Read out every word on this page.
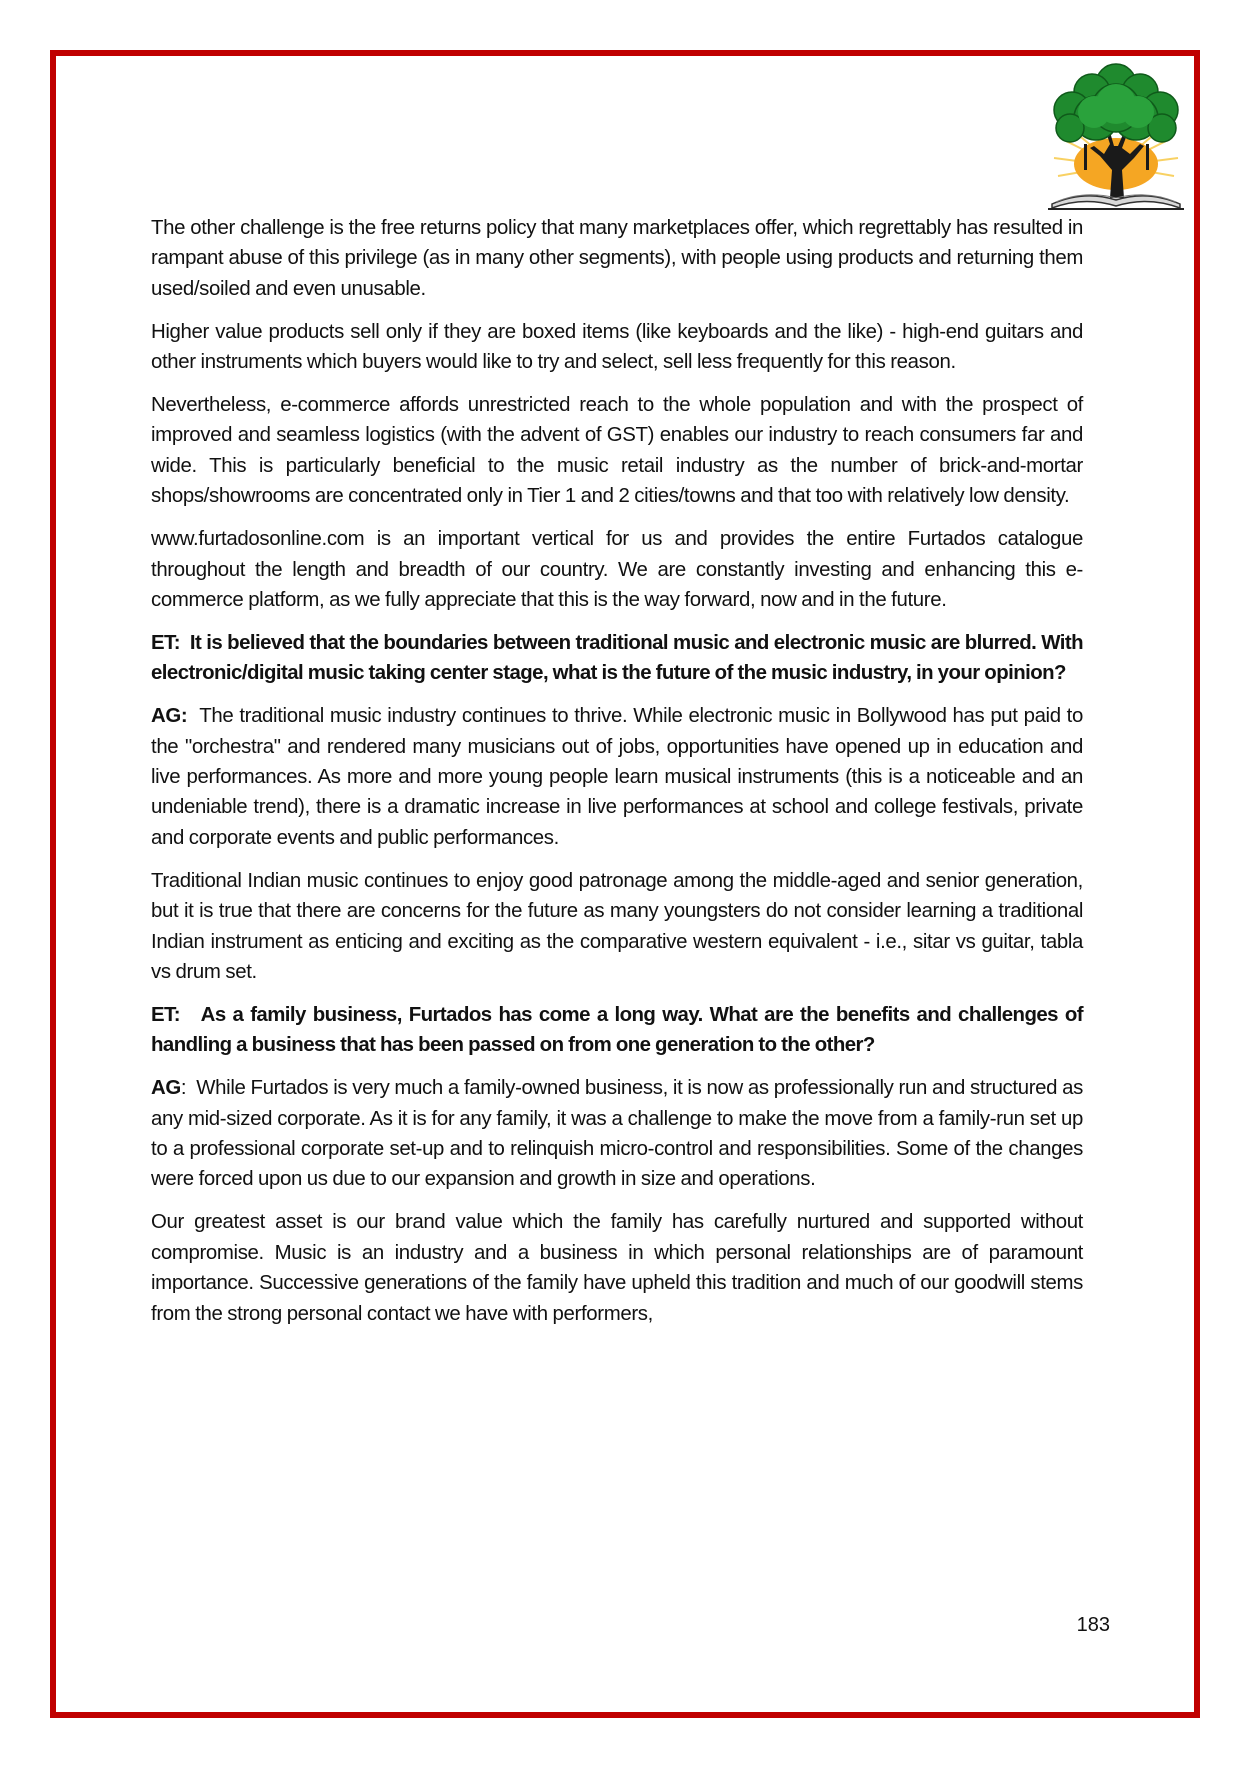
The other challenge is the free returns policy that many marketplaces offer, which regrettably has resulted in rampant abuse of this privilege (as in many other segments), with people using products and returning them used/soiled and even unusable.

Higher value products sell only if they are boxed items (like keyboards and the like) - high-end guitars and other instruments which buyers would like to try and select, sell less frequently for this reason.

Nevertheless, e-commerce affords unrestricted reach to the whole population and with the prospect of improved and seamless logistics (with the advent of GST) enables our industry to reach consumers far and wide. This is particularly beneficial to the music retail industry as the number of brick-and-mortar shops/showrooms are concentrated only in Tier 1 and 2 cities/towns and that too with relatively low density.

www.furtadosonline.com is an important vertical for us and provides the entire Furtados catalogue throughout the length and breadth of our country. We are constantly investing and enhancing this e-commerce platform, as we fully appreciate that this is the way forward, now and in the future.

ET: It is believed that the boundaries between traditional music and electronic music are blurred. With electronic/digital music taking center stage, what is the future of the music industry, in your opinion?

AG: The traditional music industry continues to thrive. While electronic music in Bollywood has put paid to the "orchestra" and rendered many musicians out of jobs, opportunities have opened up in education and live performances. As more and more young people learn musical instruments (this is a noticeable and an undeniable trend), there is a dramatic increase in live performances at school and college festivals, private and corporate events and public performances.

Traditional Indian music continues to enjoy good patronage among the middle-aged and senior generation, but it is true that there are concerns for the future as many youngsters do not consider learning a traditional Indian instrument as enticing and exciting as the comparative western equivalent - i.e., sitar vs guitar, tabla vs drum set.

ET: As a family business, Furtados has come a long way. What are the benefits and challenges of handling a business that has been passed on from one generation to the other?

AG: While Furtados is very much a family-owned business, it is now as professionally run and structured as any mid-sized corporate. As it is for any family, it was a challenge to make the move from a family-run set up to a professional corporate set-up and to relinquish micro-control and responsibilities. Some of the changes were forced upon us due to our expansion and growth in size and operations.

Our greatest asset is our brand value which the family has carefully nurtured and supported without compromise. Music is an industry and a business in which personal relationships are of paramount importance. Successive generations of the family have upheld this tradition and much of our goodwill stems from the strong personal contact we have with performers,

183
